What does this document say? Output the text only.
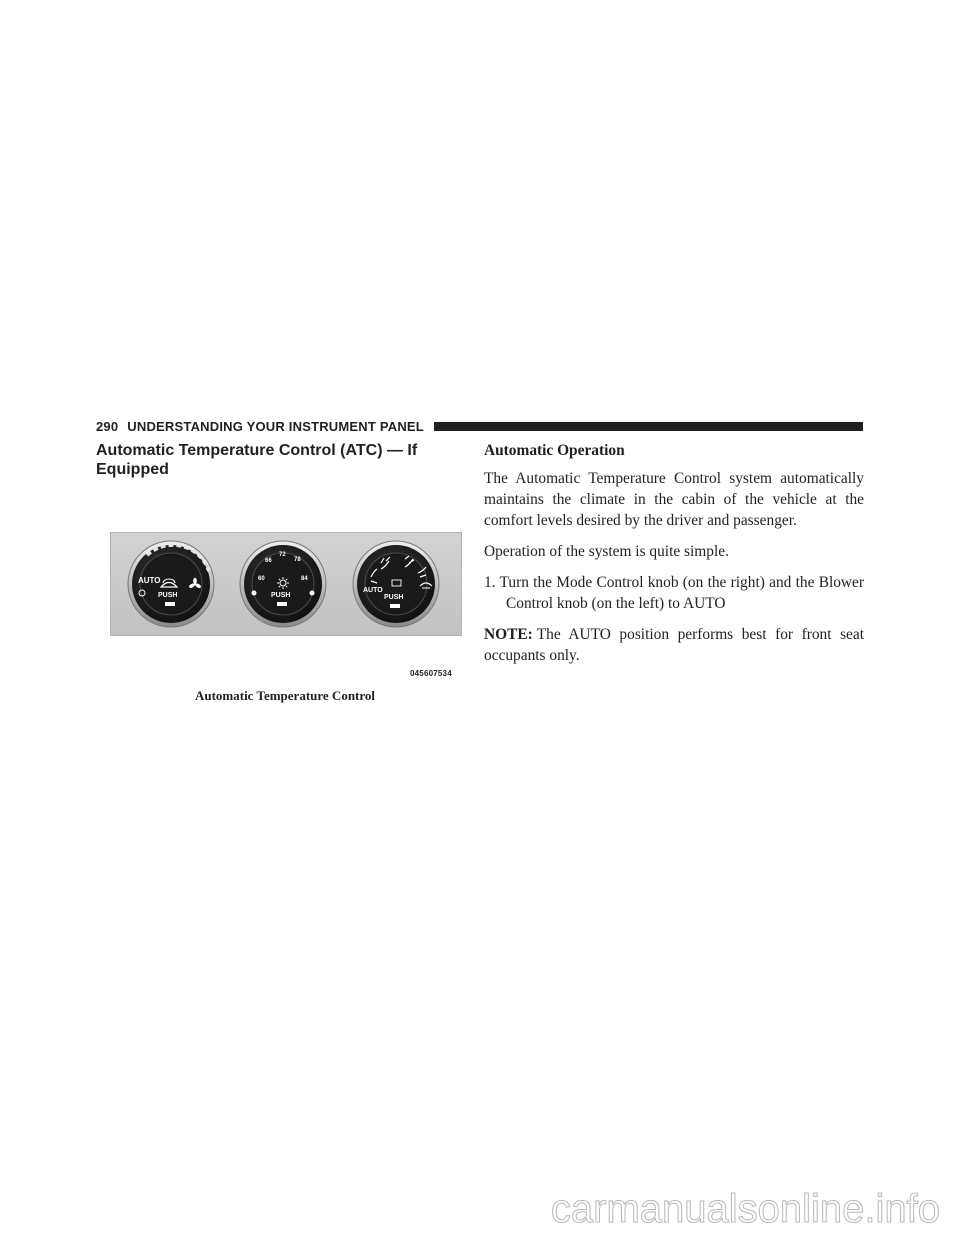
290 UNDERSTANDING YOUR INSTRUMENT PANEL
Automatic Temperature Control (ATC) — If Equipped
AUTO
PUSH
60
66
72
78
84
PUSH
AUTO
PUSH
045607534
Automatic Temperature Control
Automatic Operation

The Automatic Temperature Control system automatically maintains the climate in the cabin of the vehicle at the comfort levels desired by the driver and passenger.

Operation of the system is quite simple.

1. Turn the Mode Control knob (on the right) and the Blower Control knob (on the left) to AUTO

NOTE: The AUTO position performs best for front seat occupants only.

carmanualsonline.info
